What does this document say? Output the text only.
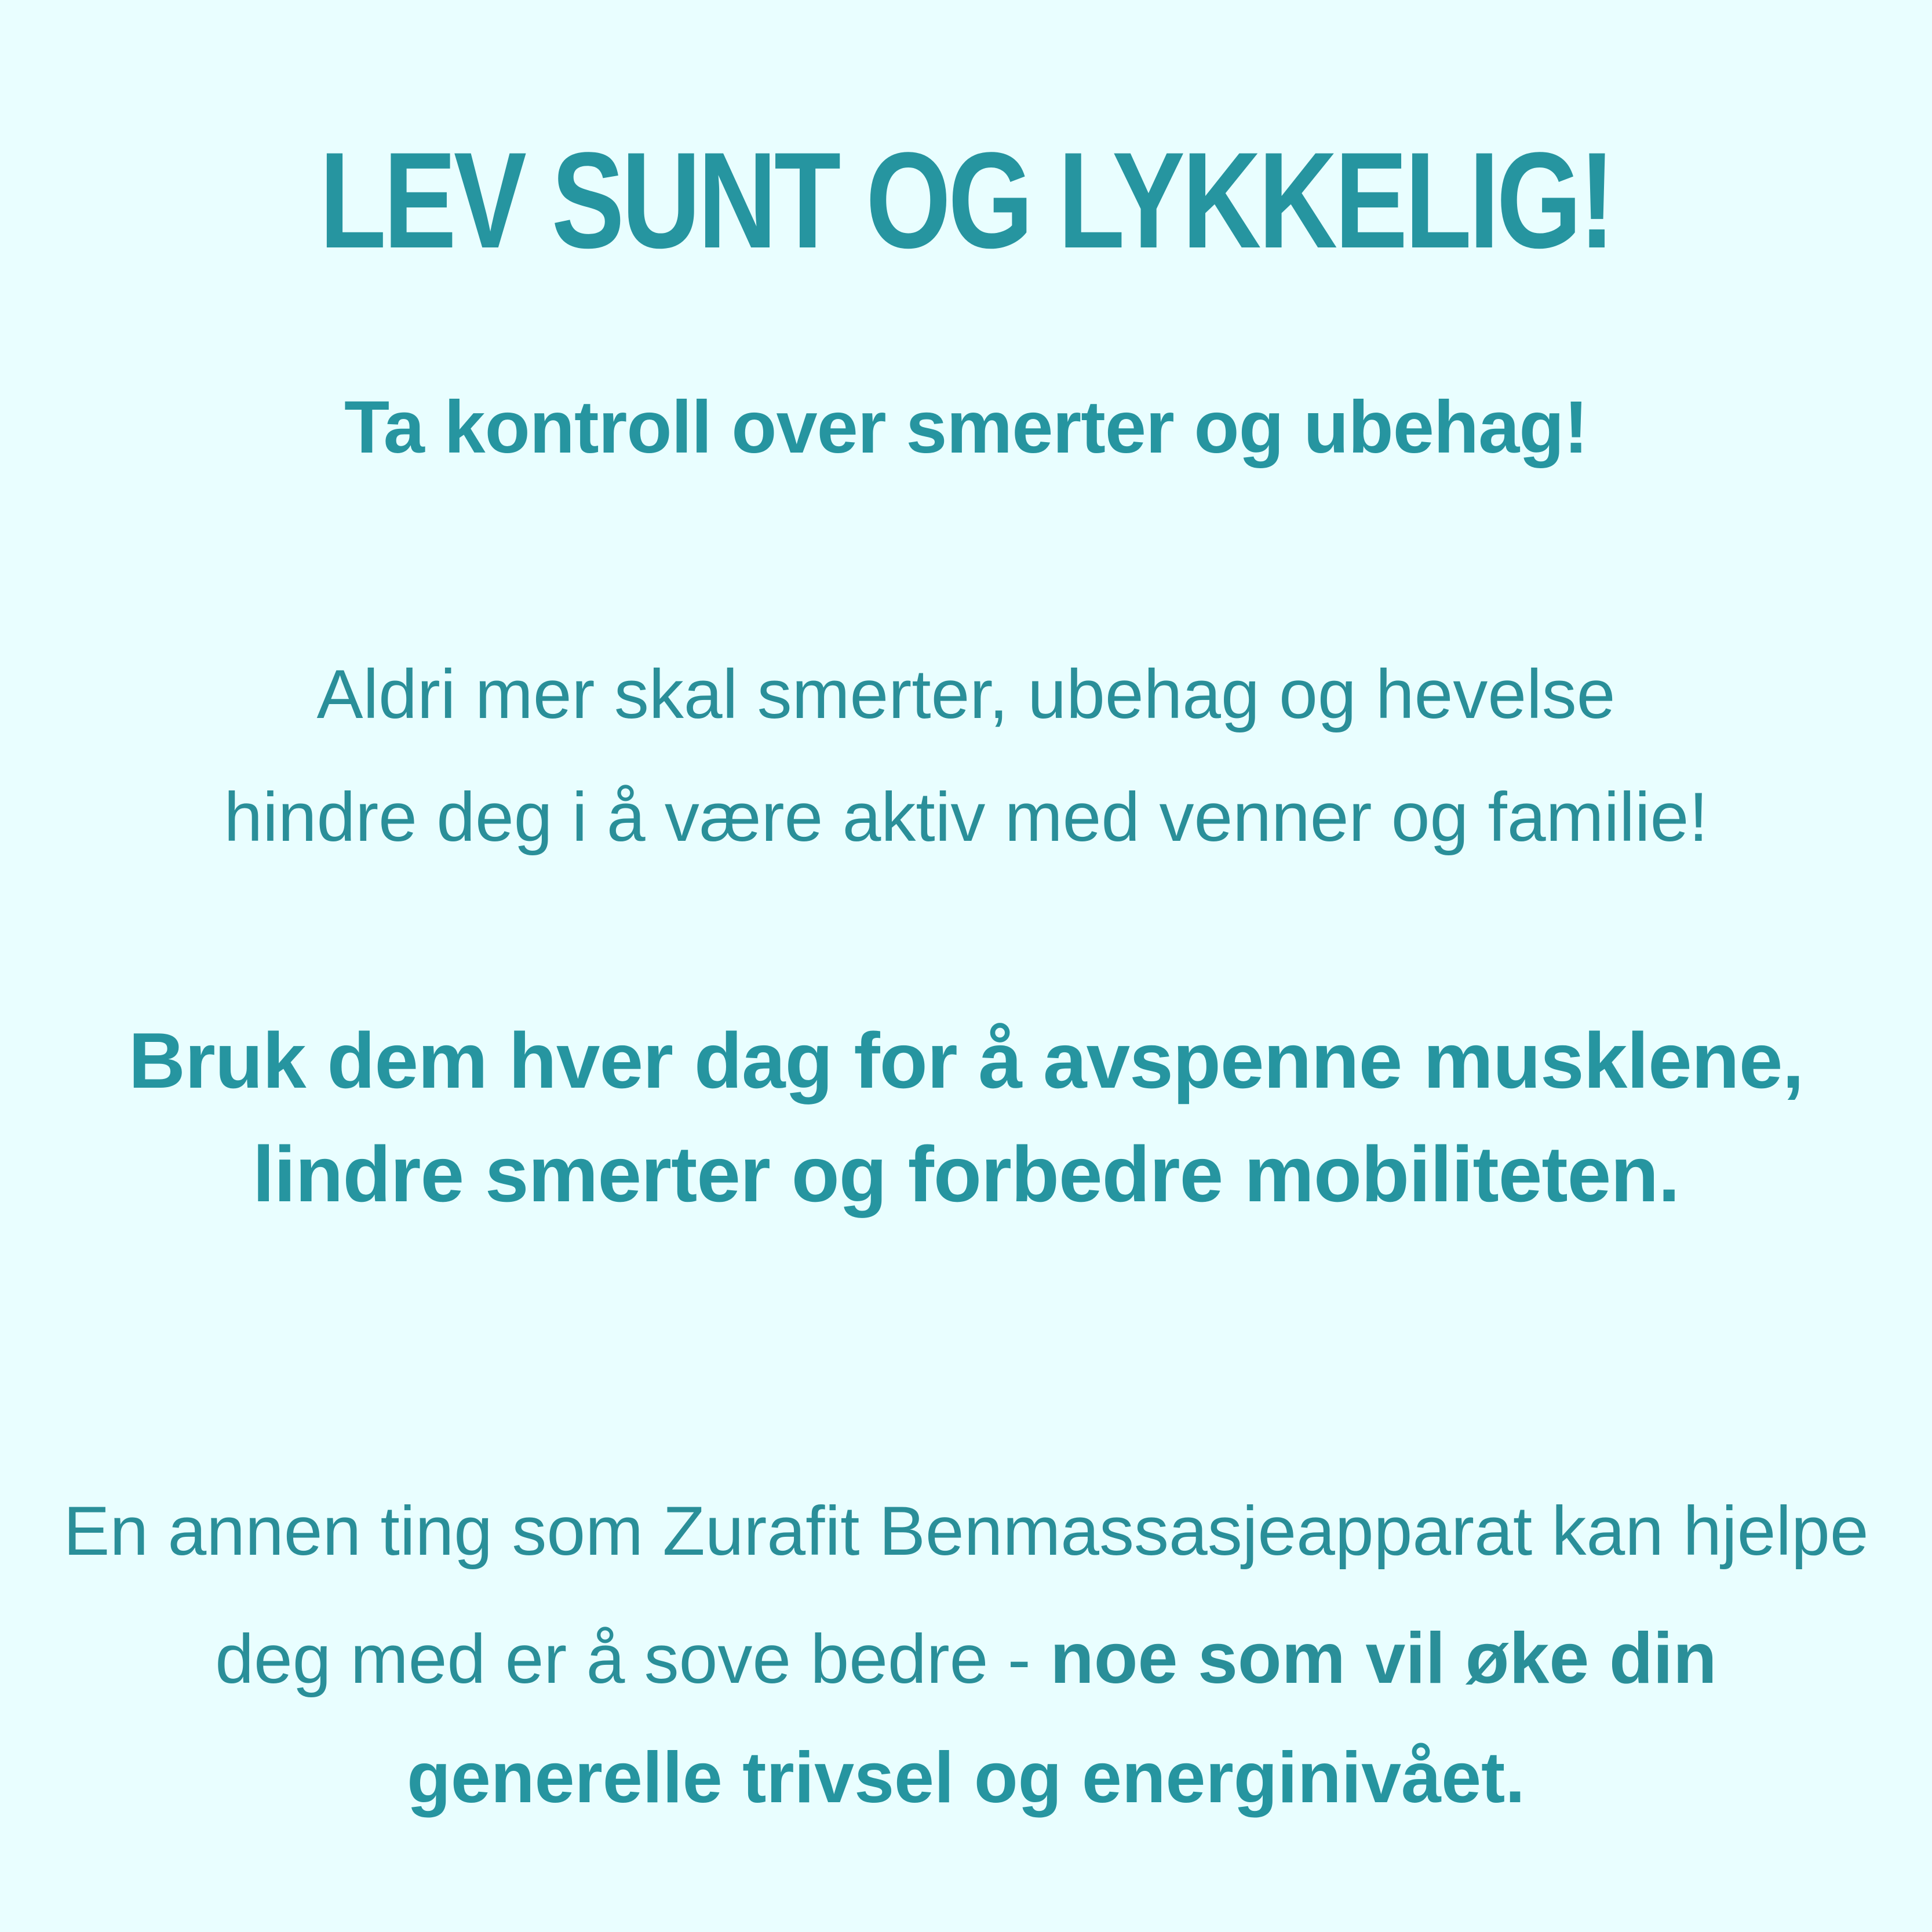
LEV SUNT OG LYKKELIG!
Ta kontroll over smerter og ubehag!
Aldri mer skal smerter, ubehag og hevelse
hindre deg i å være aktiv med venner og familie!
Bruk dem hver dag for å avspenne musklene,
lindre smerter og forbedre mobiliteten.
En annen ting som Zurafit Benmassasjeapparat kan hjelpe
deg med er å sove bedre - noe som vil øke din
generelle trivsel og energinivået.
